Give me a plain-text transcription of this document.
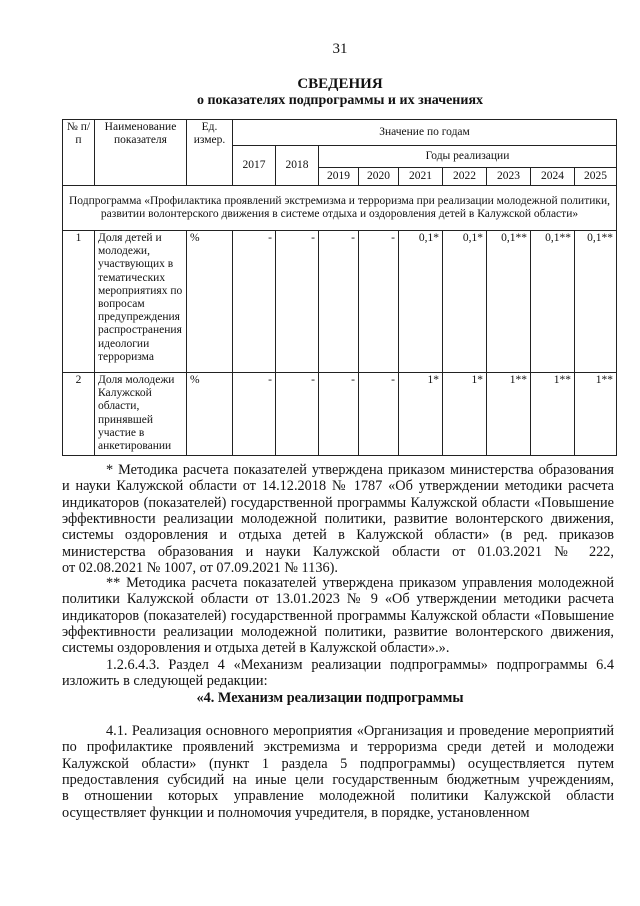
31
СВЕДЕНИЯ
о показателях подпрограммы и их значениях
№ п/п	Наименование показателя	Ед. измер.	Значение по годам								
			2017	2018	Годы реализации						
					2019	2020	2021	2022	2023	2024	2025
Подпрограмма «Профилактика проявлений экстремизма и терроризма при реализации молодежной политики, развитии волонтерского движения в системе отдыха и оздоровления детей в Калужской области»											
1	Доля детей и молодежи, участвующих в тематических мероприятиях по вопросам предупреждения распространения идеологии терроризма	%	-	-	-	-	0,1*	0,1*	0,1**	0,1**	0,1**
2	Доля молодежи Калужской области, принявшей участие в анкетировании	%	-	-	-	-	1*	1*	1**	1**	1**
* Методика расчета показателей утверждена приказом министерства образования
и науки Калужской области от 14.12.2018 № 1787 «Об утверждении методики расчета
индикаторов (показателей) государственной программы Калужской области «Повышение
эффективности реализации молодежной политики, развитие волонтерского движения,
системы оздоровления и отдыха детей в Калужской области» (в ред. приказов
министерства образования и науки Калужской области от 01.03.2021 № 222,
от 02.08.2021 № 1007, от 07.09.2021 № 1136).
** Методика расчета показателей утверждена приказом управления молодежной
политики Калужской области от 13.01.2023 № 9 «Об утверждении методики расчета
индикаторов (показателей) государственной программы Калужской области «Повышение
эффективности реализации молодежной политики, развитие волонтерского движения,
системы оздоровления и отдыха детей в Калужской области».».
1.2.6.4.3. Раздел 4 «Механизм реализации подпрограммы» подпрограммы 6.4
изложить в следующей редакции:
4.1. Реализация основного мероприятия «Организация и проведение мероприятий
по профилактике проявлений экстремизма и терроризма среди детей и молодежи
Калужской области» (пункт 1 раздела 5 подпрограммы) осуществляется путем
предоставления субсидий на иные цели государственным бюджетным учреждениям,
в отношении которых управление молодежной политики Калужской области
осуществляет функции и полномочия учредителя, в порядке, установленном
«4. Механизм реализации подпрограммы
